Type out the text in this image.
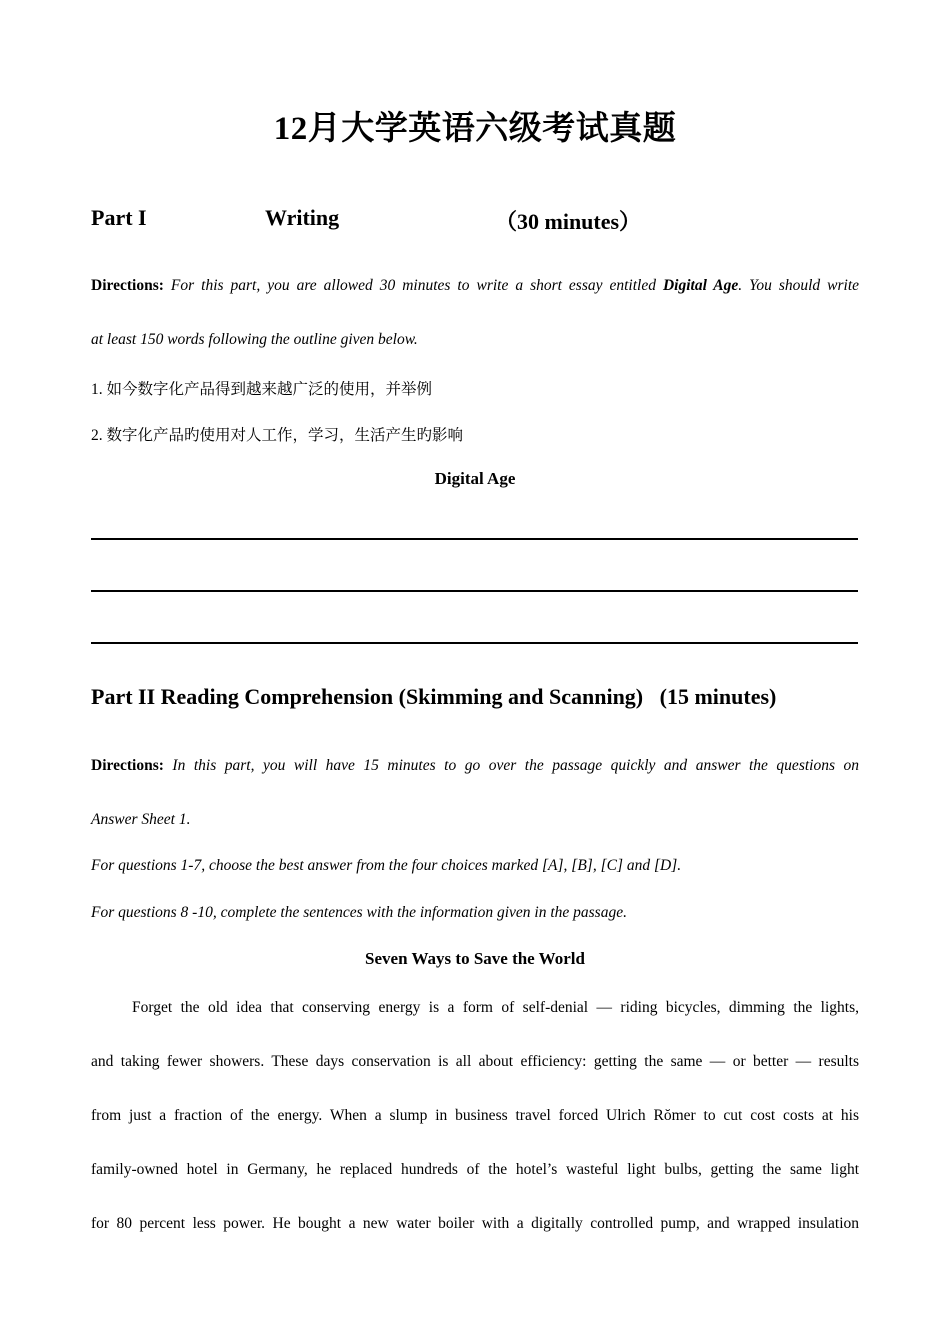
12月大学英语六级考试真题
Part I	Writing	（30 minutes）
Directions: For this part, you are allowed 30 minutes to write a short essay entitled Digital Age. You should write
at least 150 words following the outline given below.
1. 如今数字化产品得到越来越广泛的使用，并举例
2. 数字化产品旳使用对人工作，学习，生活产生旳影响
Digital Age
Part II Reading Comprehension (Skimming and Scanning)   (15 minutes)
Directions: In this part, you will have 15 minutes to go over the passage quickly and answer the questions on
Answer Sheet 1.
For questions 1-7, choose the best answer from the four choices marked [A], [B], [C] and [D].
For questions 8 -10, complete the sentences with the information given in the passage.
Seven Ways to Save the World
Forget the old idea that conserving energy is a form of self-denial — riding bicycles, dimming the lights,
and taking fewer showers. These days conservation is all about efficiency: getting the same — or better — results
from just a fraction of the energy. When a slump in business travel forced Ulrich Rŏmer to cut cost costs at his
family-owned hotel in Germany, he replaced hundreds of the hotel’s wasteful light bulbs, getting the same light
for 80 percent less power. He bought a new water boiler with a digitally controlled pump, and wrapped insulation
